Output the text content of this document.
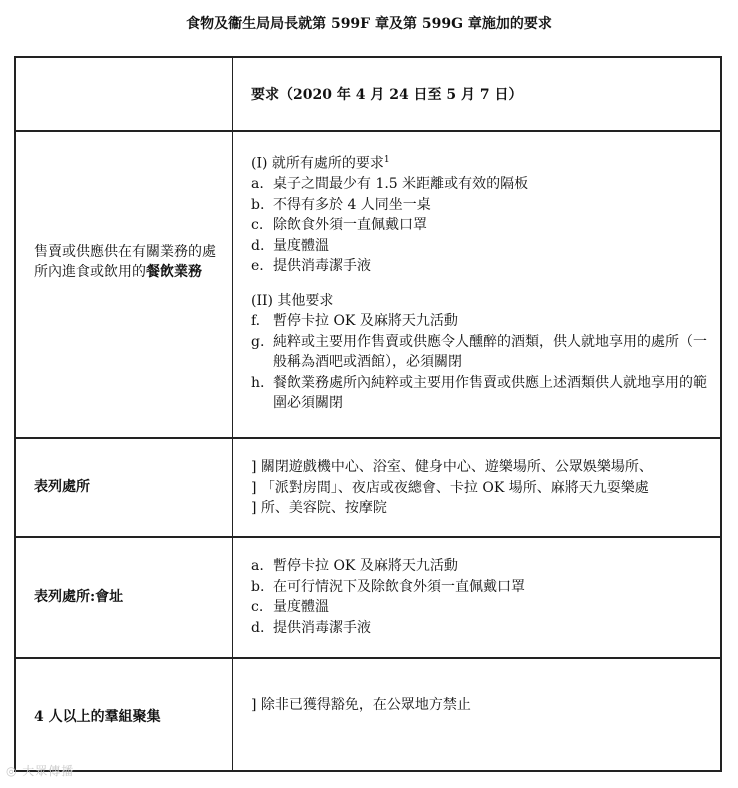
食物及衞生局局長就第 599F 章及第 599G 章施加的要求
要求（2020 年 4 月 24 日至 5 月 7 日）
售賣或供應供在有關業務的處所內進食或飲用的餐飲業務
(I) 就所有處所的要求$^1$
a. 桌子之間最少有 1.5 米距離或有效的隔板
b. 不得有多於 4 人同坐一桌
c. 除飲食外須一直佩戴口罩
d. 量度體溫
e. 提供消毒潔手液
(II) 其他要求
f. 暫停卡拉 OK 及麻將天九活動
g. 純粹或主要用作售賣或供應令人醺醉的酒類，供人就地享用的處所（一般稱為酒吧或酒館），必須關閉
h. 餐飲業務處所內純粹或主要用作售賣或供應上述酒類供人就地享用的範圍必須關閉
表列處所
] 關閉遊戲機中心、浴室、健身中心、遊樂場所、公眾娛樂場所、
] 「派對房間」、夜店或夜總會、卡拉 OK 場所、麻將天九耍樂處
] 所、美容院、按摩院
表列處所:會址
a. 暫停卡拉 OK 及麻將天九活動
b. 在可行情況下及除飲食外須一直佩戴口罩
c. 量度體溫
d. 提供消毒潔手液
4 人以上的羣組聚集
] 除非已獲得豁免，在公眾地方禁止
◎ 大眾傳播
